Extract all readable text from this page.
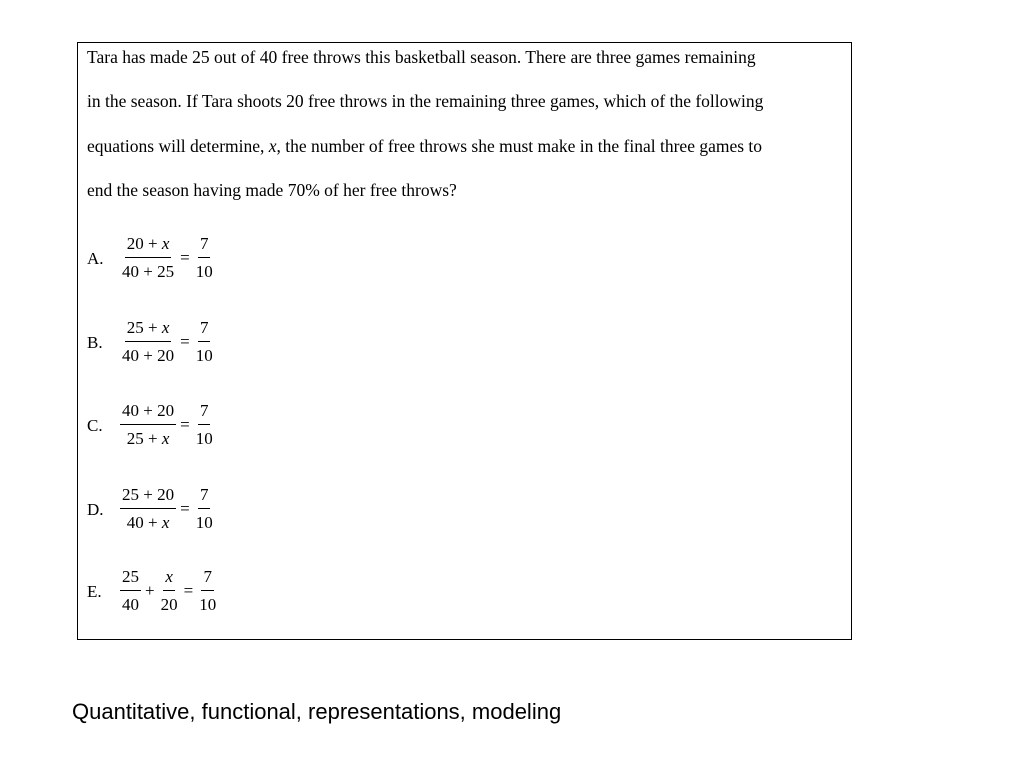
Tara has made 25 out of 40 free throws this basketball season. There are three games remaining
in the season. If Tara shoots 20 free throws in the remaining three games, which of the following
equations will determine, x, the number of free throws she must make in the final three games to
end the season having made 70% of her free throws?
A. $\frac{20 + x}{40 + 25} = \frac{7}{10}$
B. $\frac{25 + x}{40 + 20} = \frac{7}{10}$
C. $\frac{40 + 20}{25 + x} = \frac{7}{10}$
D. $\frac{25 + 20}{40 + x} = \frac{7}{10}$
E. $\frac{25}{40} + \frac{x}{20} = \frac{7}{10}$
Quantitative, functional, representations, modeling
